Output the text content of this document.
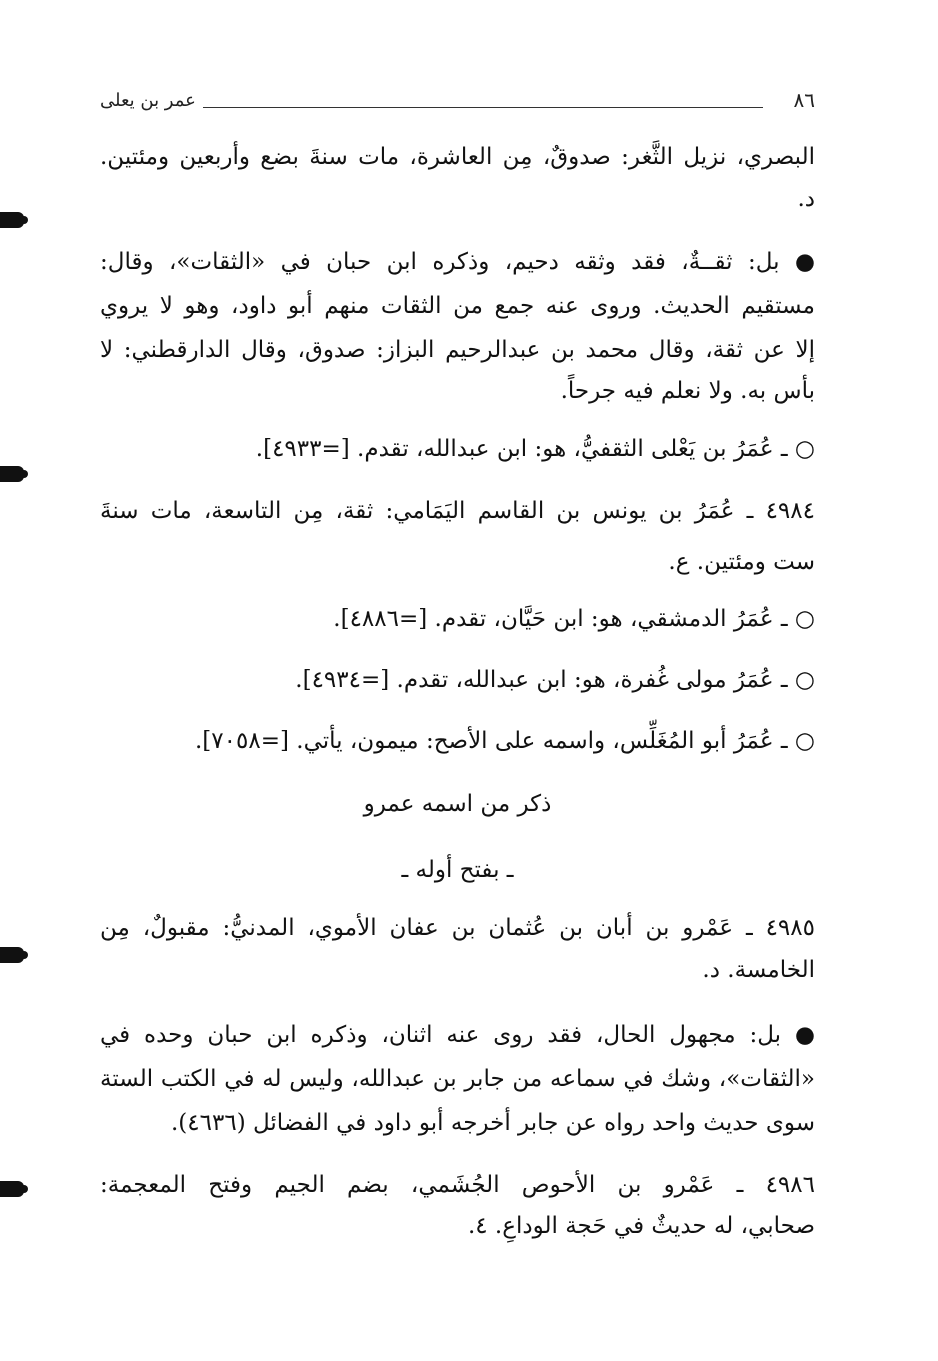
٨٦
عمر بن يعلى
البصري، نزيل الثَّغر: صدوقٌ، مِن العاشرة، مات سنةَ بضع وأربعين ومئتين.
د.
● بل: ثقــةٌ، فقد وثقه دحيم، وذكره ابن حبان في «الثقات»، وقال:
مستقيم الحديث. وروى عنه جمع من الثقات منهم أبو داود، وهو لا يروي
إلا عن ثقة، وقال محمد بن عبدالرحيم البزاز: صدوق، وقال الدارقطني: لا
بأس به. ولا نعلم فيه جرحاً.
○ ـ عُمَرُ بن يَعْلى الثقفيُّ، هو: ابن عبدالله، تقدم. [=٤٩٣٣].
٤٩٨٤ ـ عُمَرُ بن يونس بن القاسم اليَمَامي: ثقة، مِن التاسعة، مات سنةَ
ست ومئتين. ع.
○ ـ عُمَرُ الدمشقي، هو: ابن حَيَّان، تقدم. [=٤٨٨٦].
○ ـ عُمَرُ مولى غُفرة، هو: ابن عبدالله، تقدم. [=٤٩٣٤].
○ ـ عُمَرُ أبو المُغَلِّس، واسمه على الأصح: ميمون، يأتي. [=٧٠٥٨].
ذكر من اسمه عمرو
ـ بفتح أوله ـ
٤٩٨٥ ـ عَمْرو بن أبان بن عُثمان بن عفان الأموي، المدنيُّ: مقبولٌ، مِن
الخامسة. د.
● بل: مجهول الحال، فقد روى عنه اثنان، وذكره ابن حبان وحده في
«الثقات»، وشك في سماعه من جابر بن عبدالله، وليس له في الكتب الستة
سوى حديث واحد رواه عن جابر أخرجه أبو داود في الفضائل (٤٦٣٦).
٤٩٨٦ ـ عَمْرو بن الأحوص الجُشَمي، بضم الجيم وفتح المعجمة:
صحابي، له حديثٌ في حَجة الوداعِ. ٤.
